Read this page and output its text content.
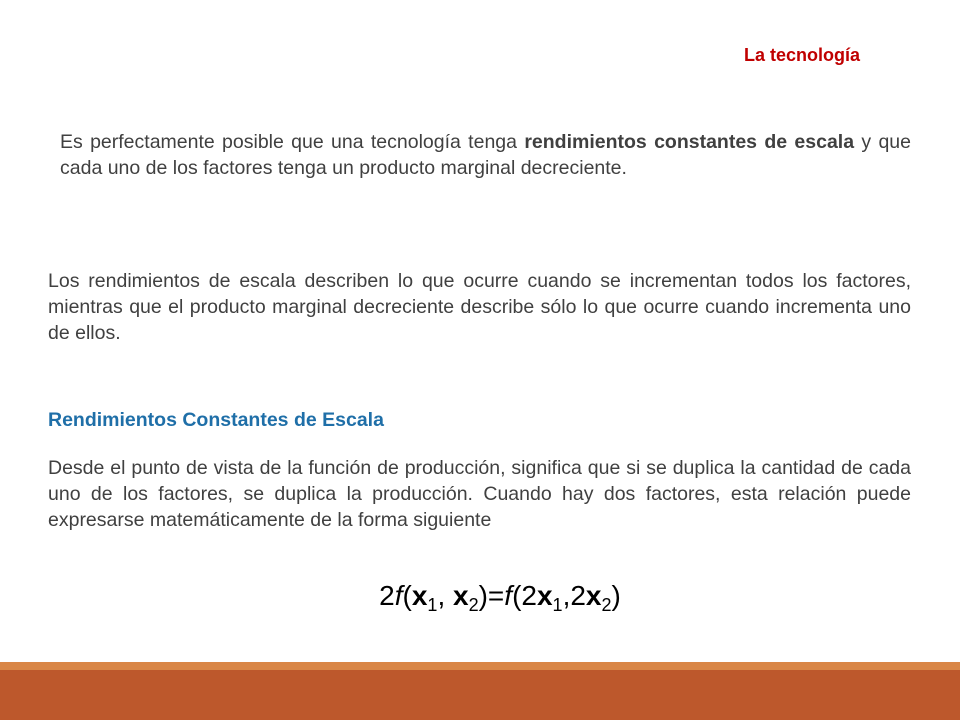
La tecnología

Es perfectamente posible que una tecnología tenga rendimientos constantes de escala y que cada uno de los factores tenga un producto marginal decreciente.

Los rendimientos de escala describen lo que ocurre cuando se incrementan todos los factores, mientras que el producto marginal decreciente describe sólo lo que ocurre cuando incrementa uno de ellos.

Rendimientos Constantes de Escala

Desde el punto de vista de la función de producción, significa que si se duplica la cantidad de cada uno de los factores, se duplica la producción. Cuando hay dos factores, esta relación puede expresarse matemáticamente de la forma siguiente

$2f(x_1$, $x_2)=f(2x_1,2x_2)$
